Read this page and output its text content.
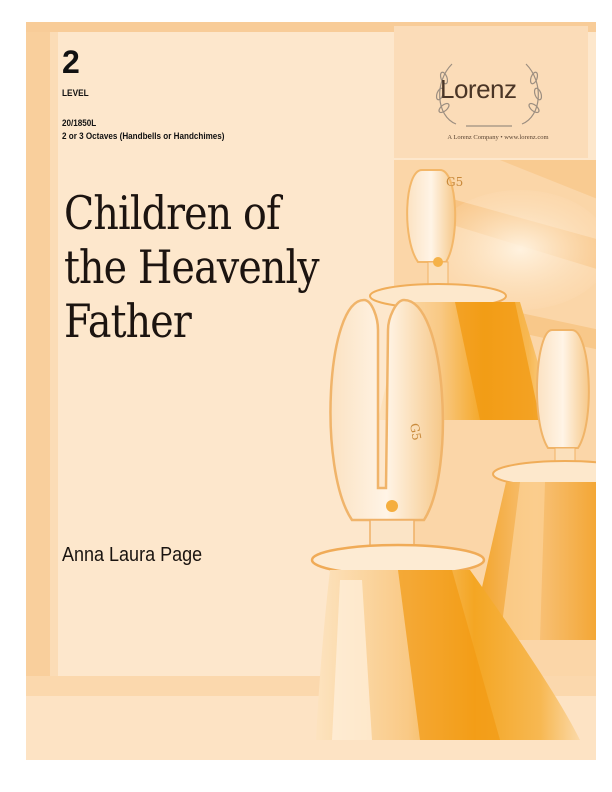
G5
G5
2
LEVEL
20/1850L
2 or 3 Octaves (Handbells or Handchimes)
Children of
the Heavenly
Father
Anna Laura Page
Lorenz
A Lorenz Company • www.lorenz.com
